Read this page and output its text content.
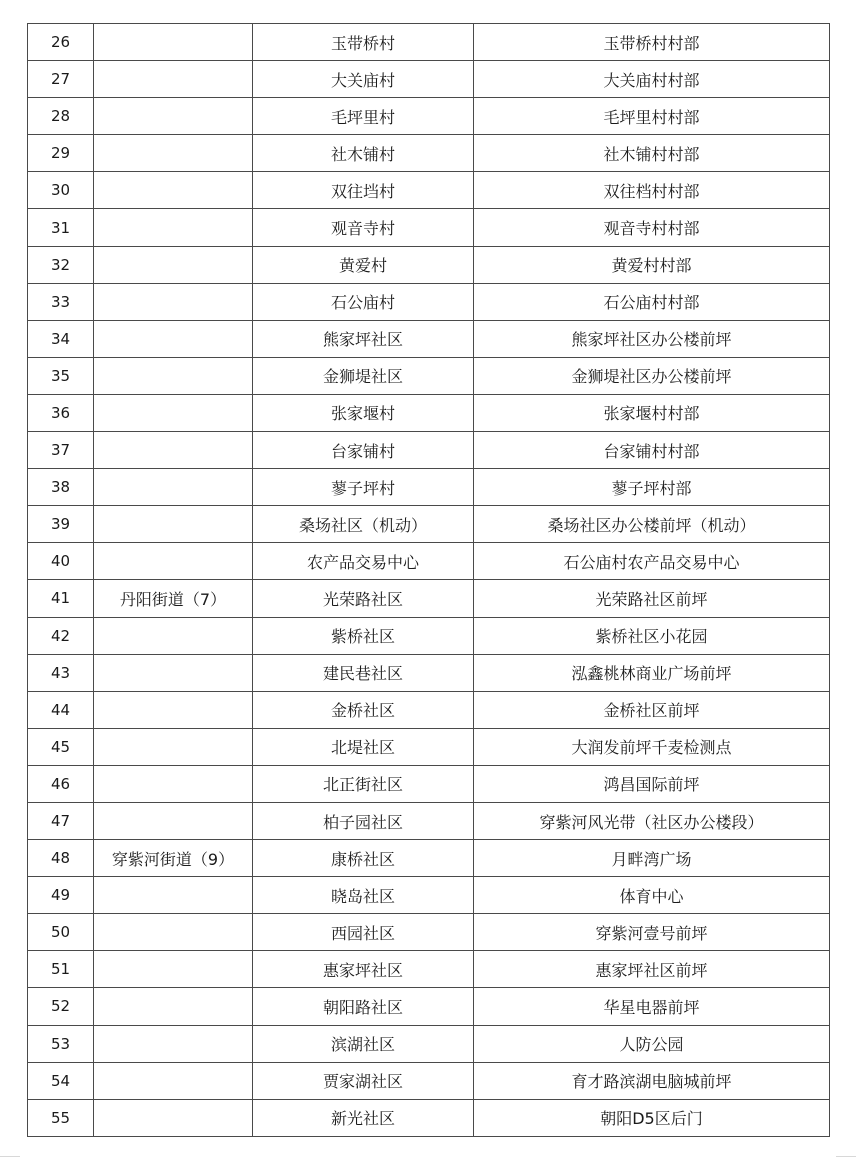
26		玉带桥村	玉带桥村村部
27		大关庙村	大关庙村村部
28		毛坪里村	毛坪里村村部
29		社木铺村	社木铺村村部
30		双往垱村	双往档村村部
31		观音寺村	观音寺村村部
32		黄爱村	黄爱村村部
33		石公庙村	石公庙村村部
34		熊家坪社区	熊家坪社区办公楼前坪
35		金狮堤社区	金狮堤社区办公楼前坪
36		张家堰村	张家堰村村部
37		台家铺村	台家铺村村部
38		蓼子坪村	蓼子坪村部
39		桑场社区（机动）	桑场社区办公楼前坪（机动）
40		农产品交易中心	石公庙村农产品交易中心
41	丹阳街道（7）	光荣路社区	光荣路社区前坪
42		紫桥社区	紫桥社区小花园
43		建民巷社区	泓鑫桃林商业广场前坪
44		金桥社区	金桥社区前坪
45		北堤社区	大润发前坪千麦检测点
46		北正街社区	鸿昌国际前坪
47		柏子园社区	穿紫河风光带（社区办公楼段）
48	穿紫河街道（9）	康桥社区	月畔湾广场
49		晓岛社区	体育中心
50		西园社区	穿紫河壹号前坪
51		惠家坪社区	惠家坪社区前坪
52		朝阳路社区	华星电器前坪
53		滨湖社区	人防公园
54		贾家湖社区	育才路滨湖电脑城前坪
55		新光社区	朝阳D5区后门
